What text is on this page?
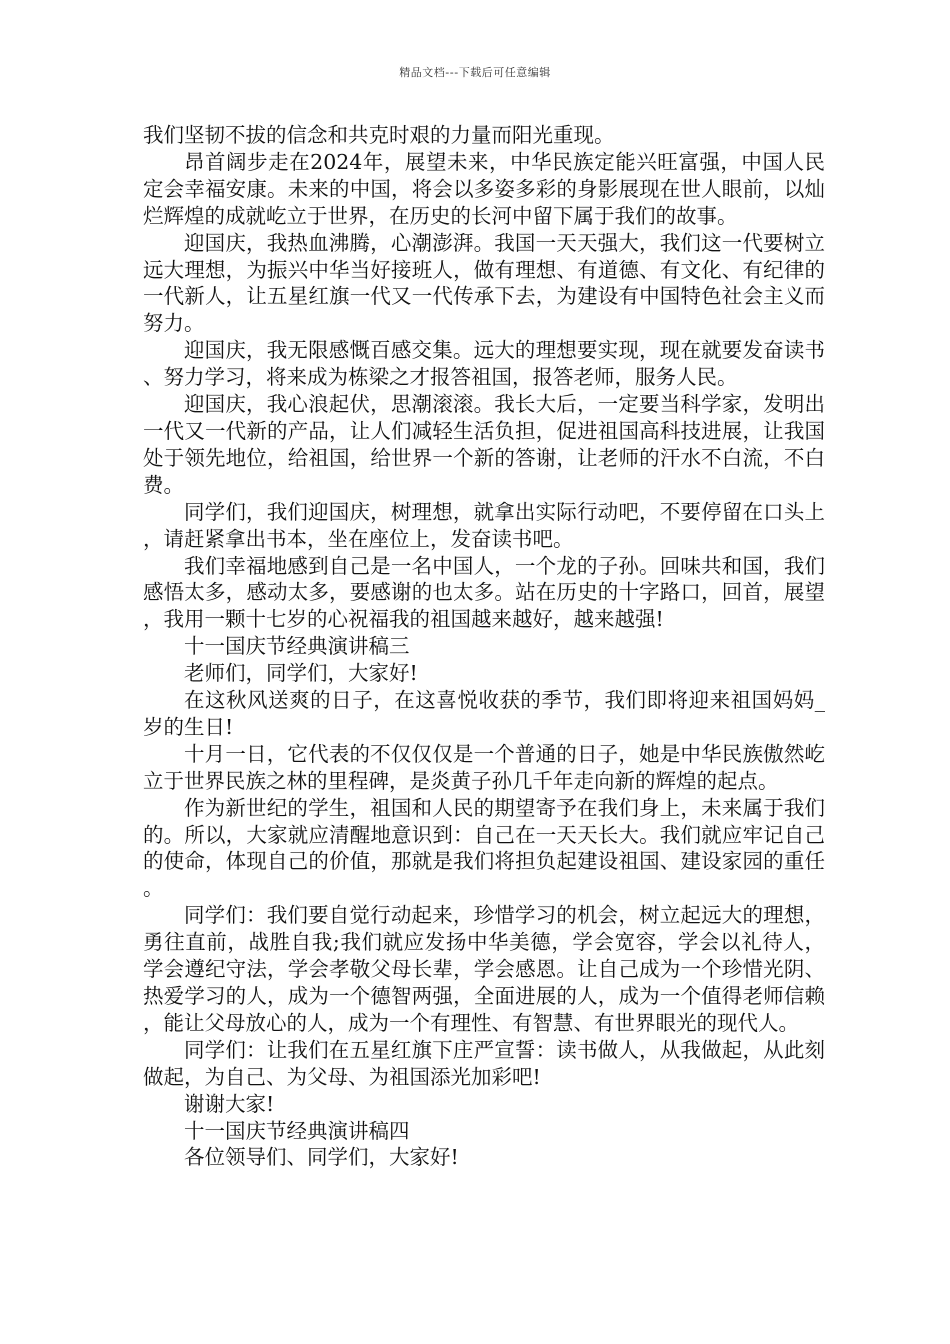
精品文档---下载后可任意编辑

我们坚韧不拔的信念和共克时艰的力量而阳光重现。

昂首阔步走在2024年，展望未来，中华民族定能兴旺富强，中国人民定会幸福安康。未来的中国，将会以多姿多彩的身影展现在世人眼前，以灿烂辉煌的成就屹立于世界，在历史的长河中留下属于我们的故事。

迎国庆，我热血沸腾，心潮澎湃。我国一天天强大，我们这一代要树立远大理想，为振兴中华当好接班人，做有理想、有道德、有文化、有纪律的一代新人，让五星红旗一代又一代传承下去，为建设有中国特色社会主义而努力。

迎国庆，我无限感慨百感交集。远大的理想要实现，现在就要发奋读书、努力学习，将来成为栋梁之才报答祖国，报答老师，服务人民。

迎国庆，我心浪起伏，思潮滚滚。我长大后，一定要当科学家，发明出一代又一代新的产品，让人们减轻生活负担，促进祖国高科技进展，让我国处于领先地位，给祖国，给世界一个新的答谢，让老师的汗水不白流，不白费。

同学们，我们迎国庆，树理想，就拿出实际行动吧，不要停留在口头上，请赶紧拿出书本，坐在座位上，发奋读书吧。

我们幸福地感到自己是一名中国人，一个龙的子孙。回味共和国，我们感悟太多，感动太多，要感谢的也太多。站在历史的十字路口，回首，展望，我用一颗十七岁的心祝福我的祖国越来越好，越来越强!

十一国庆节经典演讲稿三

老师们，同学们，大家好!

在这秋风送爽的日子，在这喜悦收获的季节，我们即将迎来祖国妈妈_岁的生日!

十月一日，它代表的不仅仅仅是一个普通的日子，她是中华民族傲然屹立于世界民族之林的里程碑，是炎黄子孙几千年走向新的辉煌的起点。

作为新世纪的学生，祖国和人民的期望寄予在我们身上，未来属于我们的。所以，大家就应清醒地意识到：自己在一天天长大。我们就应牢记自己的使命，体现自己的价值，那就是我们将担负起建设祖国、建设家园的重任。

同学们：我们要自觉行动起来，珍惜学习的机会，树立起远大的理想，勇往直前，战胜自我;我们就应发扬中华美德，学会宽容，学会以礼待人，学会遵纪守法，学会孝敬父母长辈，学会感恩。让自己成为一个珍惜光阴、热爱学习的人，成为一个德智两强，全面进展的人，成为一个值得老师信赖，能让父母放心的人，成为一个有理性、有智慧、有世界眼光的现代人。

同学们：让我们在五星红旗下庄严宣誓：读书做人，从我做起，从此刻做起，为自己、为父母、为祖国添光加彩吧!

谢谢大家!

十一国庆节经典演讲稿四

各位领导们、同学们，大家好!
